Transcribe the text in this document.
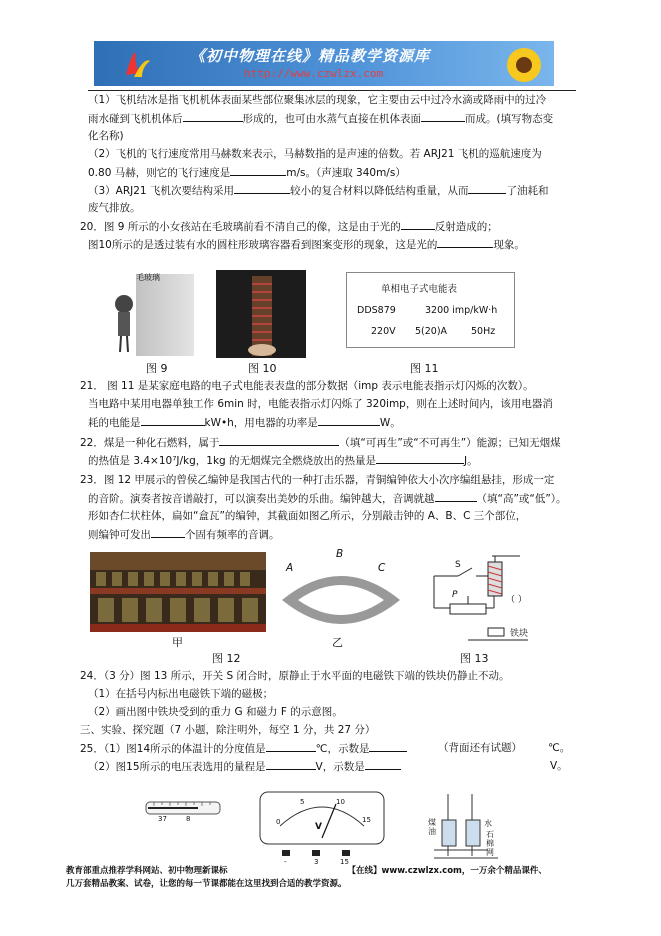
《初中物理在线》精品教学资源库
http://www.czwlzx.com
（1）飞机结冰是指飞机机体表面某些部位聚集冰层的现象，它主要由云中过冷水滴或降雨中的过冷
雨水碰到飞机机体后	形成的，也可由水蒸气直接在机体表面	而成。(填写物态变
化名称)
（2）飞机的飞行速度常用马赫数来表示，马赫数指的是声速的倍数。若 ARJ21 飞机的巡航速度为
0.80 马赫，则它的飞行速度是	m/s。（声速取 340m/s）
（3）ARJ21 飞机次要结构采用	较小的复合材料以降低结构重量，从而	了油耗和
废气排放。
20．图 9 所示的小女孩站在毛玻璃前看不清自己的像，这是由于光的	反射造成的；
图10所示的是透过装有水的圆柱形玻璃容器看到图案变形的现象，这是光的	现象。
毛玻璃
单相电子式电能表
DDS879	3200 imp/kW·h
220V 5(20)A	50Hz
图 9	图 10	图 11
21． 图 11 是某家庭电路的电子式电能表表盘的部分数据（imp 表示电能表指示灯闪烁的次数）。
当电路中某用电器单独工作 6min 时，电能表指示灯闪烁了 320imp，则在上述时间内，该用电器消
耗的电能是	kW•h，用电器的功率是	W。
22．煤是一种化石燃料，属于	（填“可再生”或“不可再生”）能源；已知无烟煤
的热值是 3.4×10⁷J/kg，1kg 的无烟煤完全燃烧放出的热量是	J。
23．图 12 甲展示的曾侯乙编钟是我国古代的一种打击乐器，青铜编钟依大小次序编组悬挂，形成一定
的音阶。演奏者按音谱敲打，可以演奏出美妙的乐曲。编钟越大，音调就越	（填“高”或“低”）。
形如杏仁状柱体，扁如“盒瓦”的编钟，其截面如图乙所示，分别敲击钟的 A、B、C 三个部位，
则编钟可发出	个固有频率的音调。
甲
A
B
C
乙
图 12
S
P	（ ）
铁块
图 13
24．（3 分）图 13 所示，开关 S 闭合时，原静止于水平面的电磁铁下端的铁块仍静止不动。
（1）在括号内标出电磁铁下端的磁极；
（2）画出图中铁块受到的重力 G 和磁力 F 的示意图。
三、实验、探究题（7 小题，除注明外，每空 1 分，共 27 分）
25．（1）图14所示的体温计的分度值是	℃，示数是	（背面还有试题） ℃。
（2）图15所示的电压表选用的量程是	V，示数是	V。
37	8
V
0
5	10
15
-	3	15
煤油
水
石棉网
教育部重点推荐学科网站、初中物理新课标	【在线】www.czwlzx.com，一万余个精品课件、
几万套精品教案、试卷，让您的每一节课都能在这里找到合适的教学资源。
